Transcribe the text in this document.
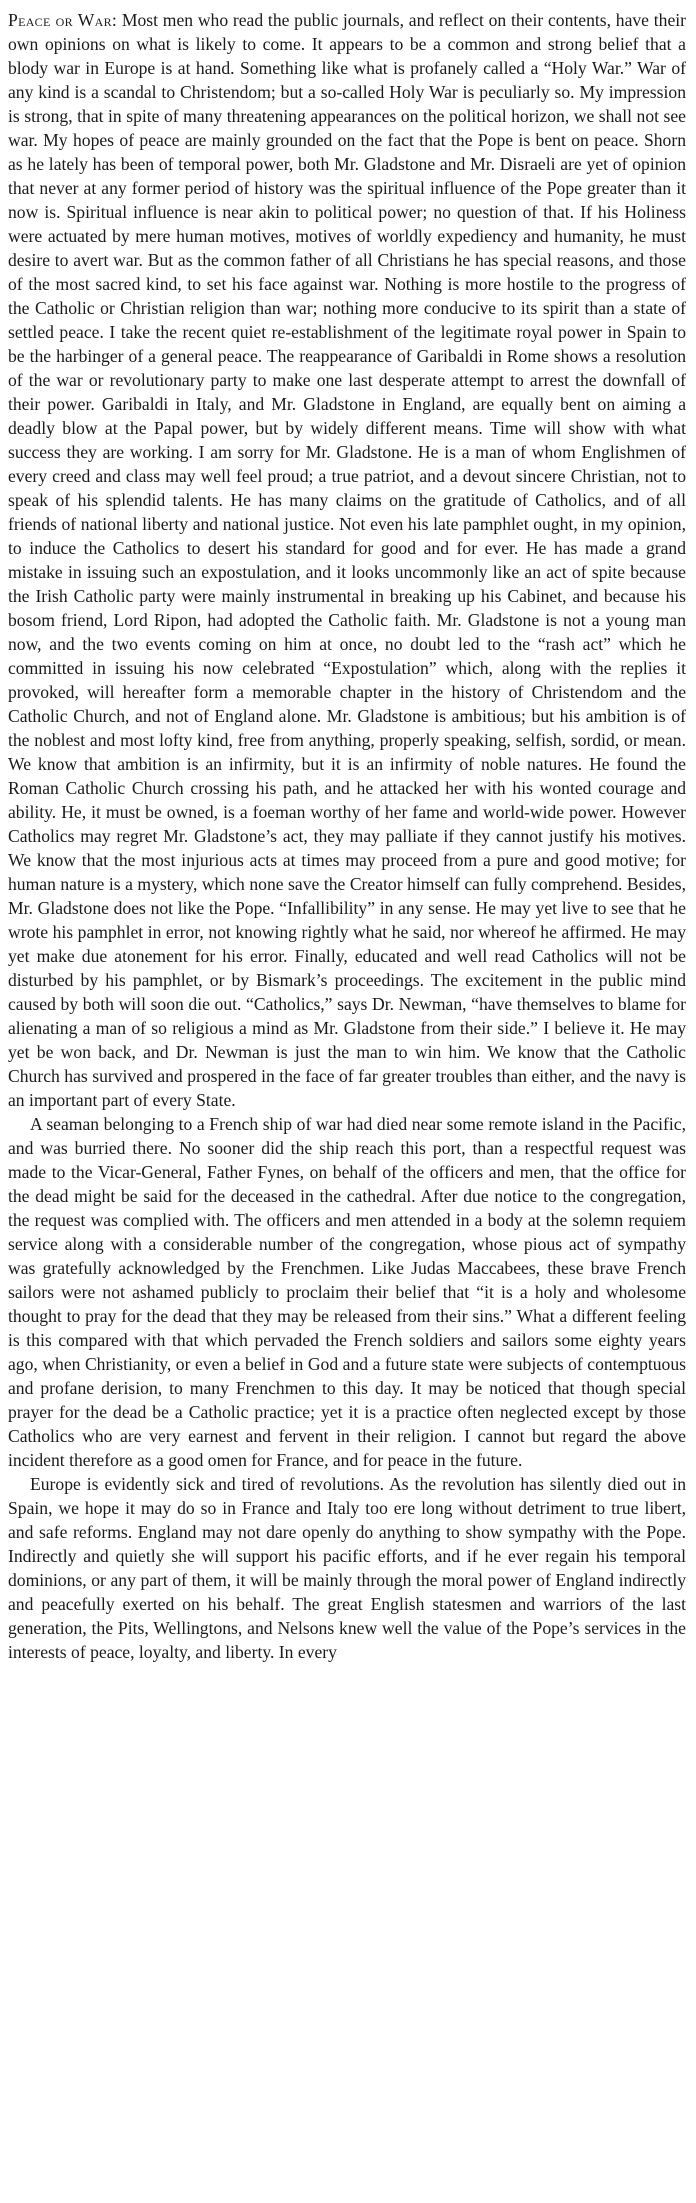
Peace or War: Most men who read the public journals, and reflect on their contents, have their own opinions on what is likely to come. It appears to be a common and strong belief that a blody war in Europe is at hand. Something like what is profanely called a “Holy War.” War of any kind is a scandal to Christendom; but a so-called Holy War is peculiarly so. My impression is strong, that in spite of many threatening appearances on the political horizon, we shall not see war. My hopes of peace are mainly grounded on the fact that the Pope is bent on peace. Shorn as he lately has been of temporal power, both Mr. Gladstone and Mr. Disraeli are yet of opinion that never at any former period of history was the spiritual influence of the Pope greater than it now is. Spiritual influence is near akin to political power; no question of that. If his Holiness were actuated by mere human motives, motives of worldly expediency and humanity, he must desire to avert war. But as the common father of all Christians he has special reasons, and those of the most sacred kind, to set his face against war. Nothing is more hostile to the progress of the Catholic or Christian religion than war; nothing more conducive to its spirit than a state of settled peace. I take the recent quiet re-establishment of the legitimate royal power in Spain to be the harbinger of a general peace. The reappearance of Garibaldi in Rome shows a resolution of the war or revolutionary party to make one last desperate attempt to arrest the downfall of their power. Garibaldi in Italy, and Mr. Gladstone in England, are equally bent on aiming a deadly blow at the Papal power, but by widely different means. Time will show with what success they are working. I am sorry for Mr. Gladstone. He is a man of whom Englishmen of every creed and class may well feel proud; a true patriot, and a devout sincere Christian, not to speak of his splendid talents. He has many claims on the gratitude of Catholics, and of all friends of national liberty and national justice. Not even his late pamphlet ought, in my opinion, to induce the Catholics to desert his standard for good and for ever. He has made a grand mistake in issuing such an expostulation, and it looks uncommonly like an act of spite because the Irish Catholic party were mainly instrumental in breaking up his Cabinet, and because his bosom friend, Lord Ripon, had adopted the Catholic faith. Mr. Gladstone is not a young man now, and the two events coming on him at once, no doubt led to the “rash act” which he committed in issuing his now celebrated “Expostulation” which, along with the replies it provoked, will hereafter form a memorable chapter in the history of Christendom and the Catholic Church, and not of England alone. Mr. Gladstone is ambitious; but his ambition is of the noblest and most lofty kind, free from anything, properly speaking, selfish, sordid, or mean. We know that ambition is an infirmity, but it is an infirmity of noble natures. He found the Roman Catholic Church crossing his path, and he attacked her with his wonted courage and ability. He, it must be owned, is a foeman worthy of her fame and world-wide power. However Catholics may regret Mr. Gladstone’s act, they may palliate if they cannot justify his motives. We know that the most injurious acts at times may proceed from a pure and good motive; for human nature is a mystery, which none save the Creator himself can fully comprehend. Besides, Mr. Gladstone does not like the Pope. “Infallibility” in any sense. He may yet live to see that he wrote his pamphlet in error, not knowing rightly what he said, nor whereof he affirmed. He may yet make due atonement for his error. Finally, educated and well read Catholics will not be disturbed by his pamphlet, or by Bismark’s proceedings. The excitement in the public mind caused by both will soon die out. “Catholics,” says Dr. Newman, “have themselves to blame for alienating a man of so religious a mind as Mr. Gladstone from their side.” I believe it. He may yet be won back, and Dr. Newman is just the man to win him. We know that the Catholic Church has survived and prospered in the face of far greater troubles than either, and the navy is an important part of every State.

A seaman belonging to a French ship of war had died near some remote island in the Pacific, and was burried there. No sooner did the ship reach this port, than a respectful request was made to the Vicar-General, Father Fynes, on behalf of the officers and men, that the office for the dead might be said for the deceased in the cathedral. After due notice to the congregation, the request was complied with. The officers and men attended in a body at the solemn requiem service along with a considerable number of the congregation, whose pious act of sympathy was gratefully acknowledged by the Frenchmen. Like Judas Maccabees, these brave French sailors were not ashamed publicly to proclaim their belief that “it is a holy and wholesome thought to pray for the dead that they may be released from their sins.” What a different feeling is this compared with that which pervaded the French soldiers and sailors some eighty years ago, when Christianity, or even a belief in God and a future state were subjects of contemptuous and profane derision, to many Frenchmen to this day. It may be noticed that though special prayer for the dead be a Catholic practice; yet it is a practice often neglected except by those Catholics who are very earnest and fervent in their religion. I cannot but regard the above incident therefore as a good omen for France, and for peace in the future.

Europe is evidently sick and tired of revolutions. As the revolution has silently died out in Spain, we hope it may do so in France and Italy too ere long without detriment to true libert, and safe reforms. England may not dare openly do anything to show sympathy with the Pope. Indirectly and quietly she will support his pacific efforts, and if he ever regain his temporal dominions, or any part of them, it will be mainly through the moral power of England indirectly and peacefully exerted on his behalf. The great English statesmen and warriors of the last generation, the Pits, Wellingtons, and Nelsons knew well the value of the Pope’s services in the interests of peace, loyalty, and liberty. In every
